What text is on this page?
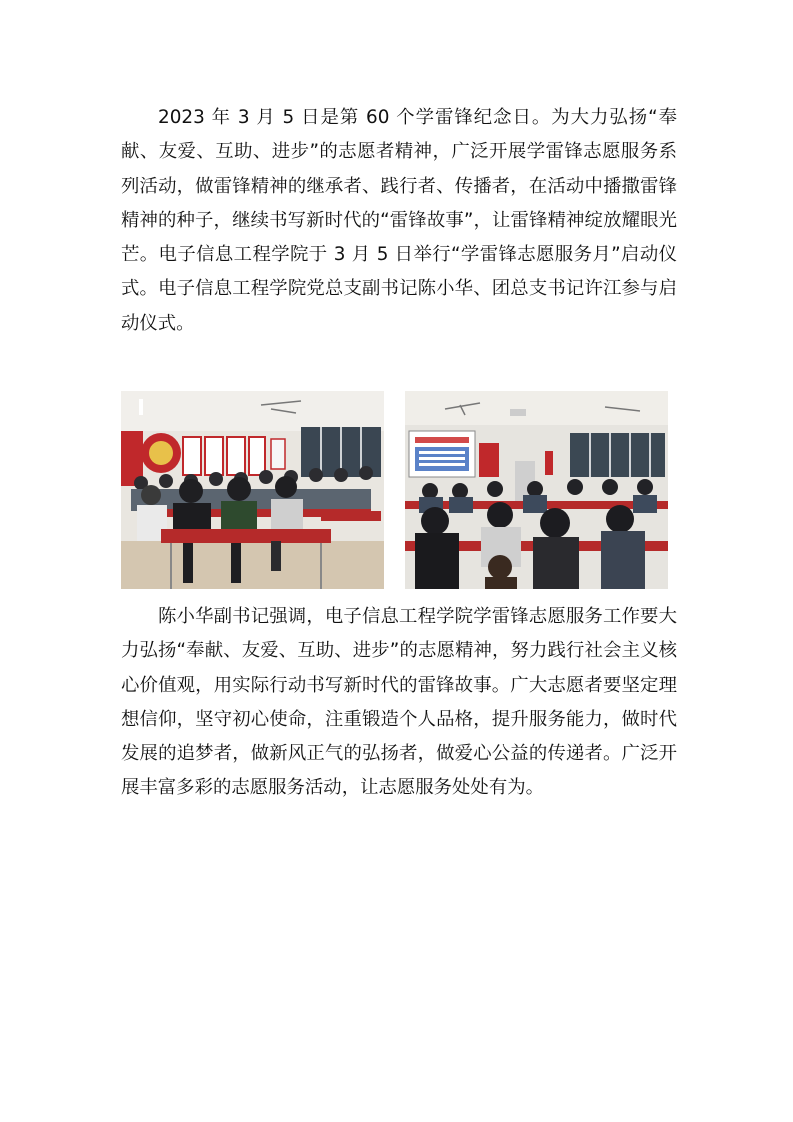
2023 年 3 月 5 日是第 60 个学雷锋纪念日。为大力弘扬“奉献、友爱、互助、进步”的志愿者精神，广泛开展学雷锋志愿服务系列活动，做雷锋精神的继承者、践行者、传播者，在活动中播撒雷锋精神的种子，继续书写新时代的“雷锋故事”，让雷锋精神绽放耀眼光芒。电子信息工程学院于 3 月 5 日举行“学雷锋志愿服务月”启动仪式。电子信息工程学院党总支副书记陈小华、团总支书记许江参与启动仪式。

陈小华副书记强调，电子信息工程学院学雷锋志愿服务工作要大力弘扬“奉献、友爱、互助、进步”的志愿精神，努力践行社会主义核心价值观，用实际行动书写新时代的雷锋故事。广大志愿者要坚定理想信仰，坚守初心使命，注重锻造个人品格，提升服务能力，做时代发展的追梦者，做新风正气的弘扬者，做爱心公益的传递者。广泛开展丰富多彩的志愿服务活动，让志愿服务处处有为。
